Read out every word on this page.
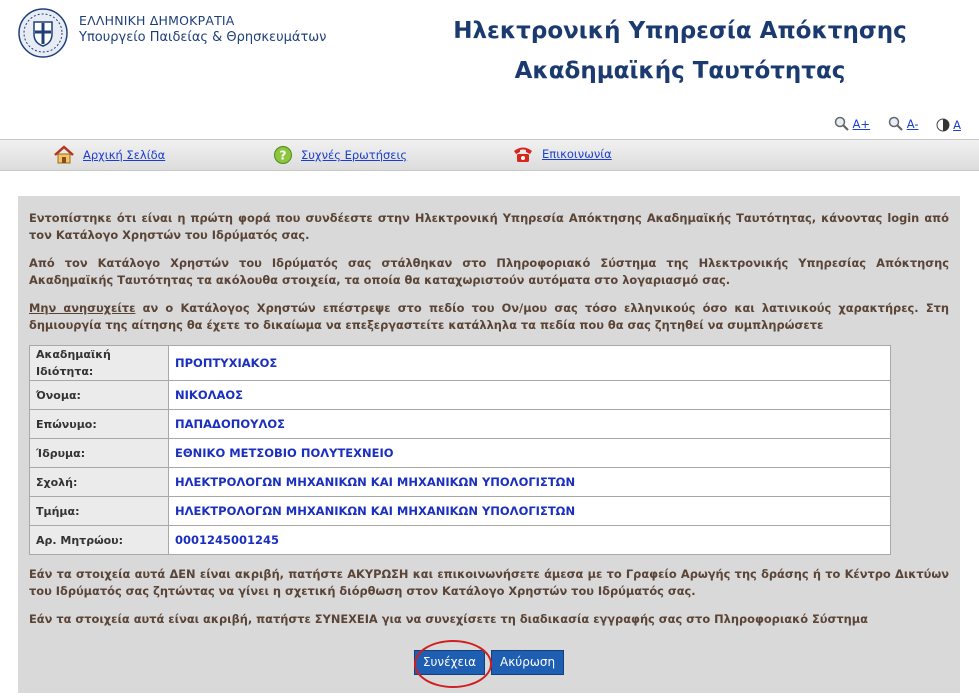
ΕΛΛΗΝΙΚΗ ΔΗΜΟΚΡΑΤΙΑ
Υπουργείο Παιδείας & Θρησκευμάτων	Ηλεκτρονική Υπηρεσία Απόκτησης
Ακαδημαϊκής Ταυτότητας
A+
	A-
	A
Αρχική Σελίδα	? Συχνές Ερωτήσεις	Επικοινωνία

Εντοπίστηκε ότι είναι η πρώτη φορά που συνδέεστε στην Ηλεκτρονική Υπηρεσία Απόκτησης Ακαδημαϊκής Ταυτότητας, κάνοντας login από τον Κατάλογο Χρηστών του Ιδρύματός σας.

Από τον Κατάλογο Χρηστών του Ιδρύματός σας στάλθηκαν στο Πληροφοριακό Σύστημα της Ηλεκτρονικής Υπηρεσίας Απόκτησης Ακαδημαϊκής Ταυτότητας τα ακόλουθα στοιχεία, τα οποία θα καταχωριστούν αυτόματα στο λογαριασμό σας.

Μην ανησυχείτε αν ο Κατάλογος Χρηστών επέστρεψε στο πεδίο του Ον/μου σας τόσο ελληνικούς όσο και λατινικούς χαρακτήρες. Στη δημιουργία της αίτησης θα έχετε το δικαίωμα να επεξεργαστείτε κατάλληλα τα πεδία που θα σας ζητηθεί να συμπληρώσετε

Ακαδημαϊκή Ιδιότητα:	ΠΡΟΠΤΥΧΙΑΚΟΣ
Όνομα:	ΝΙΚΟΛΑΟΣ
Επώνυμο:	ΠΑΠΑΔΟΠΟΥΛΟΣ
Ίδρυμα:	ΕΘΝΙΚΟ ΜΕΤΣΟΒΙΟ ΠΟΛΥΤΕΧΝΕΙΟ
Σχολή:	ΗΛΕΚΤΡΟΛΟΓΩΝ ΜΗΧΑΝΙΚΩΝ ΚΑΙ ΜΗΧΑΝΙΚΩΝ ΥΠΟΛΟΓΙΣΤΩΝ
Τμήμα:	ΗΛΕΚΤΡΟΛΟΓΩΝ ΜΗΧΑΝΙΚΩΝ ΚΑΙ ΜΗΧΑΝΙΚΩΝ ΥΠΟΛΟΓΙΣΤΩΝ
Αρ. Μητρώου:	0001245001245

Εάν τα στοιχεία αυτά ΔΕΝ είναι ακριβή, πατήστε ΑΚΥΡΩΣΗ και επικοινωνήσετε άμεσα με το Γραφείο Αρωγής της δράσης ή το Κέντρο Δικτύων του Ιδρύματός σας ζητώντας να γίνει η σχετική διόρθωση στον Κατάλογο Χρηστών του Ιδρύματός σας.

Εάν τα στοιχεία αυτά είναι ακριβή, πατήστε ΣΥΝΕΧΕΙΑ για να συνεχίσετε τη διαδικασία εγγραφής σας στο Πληροφοριακό Σύστημα

Συνέχεια Ακύρωση
